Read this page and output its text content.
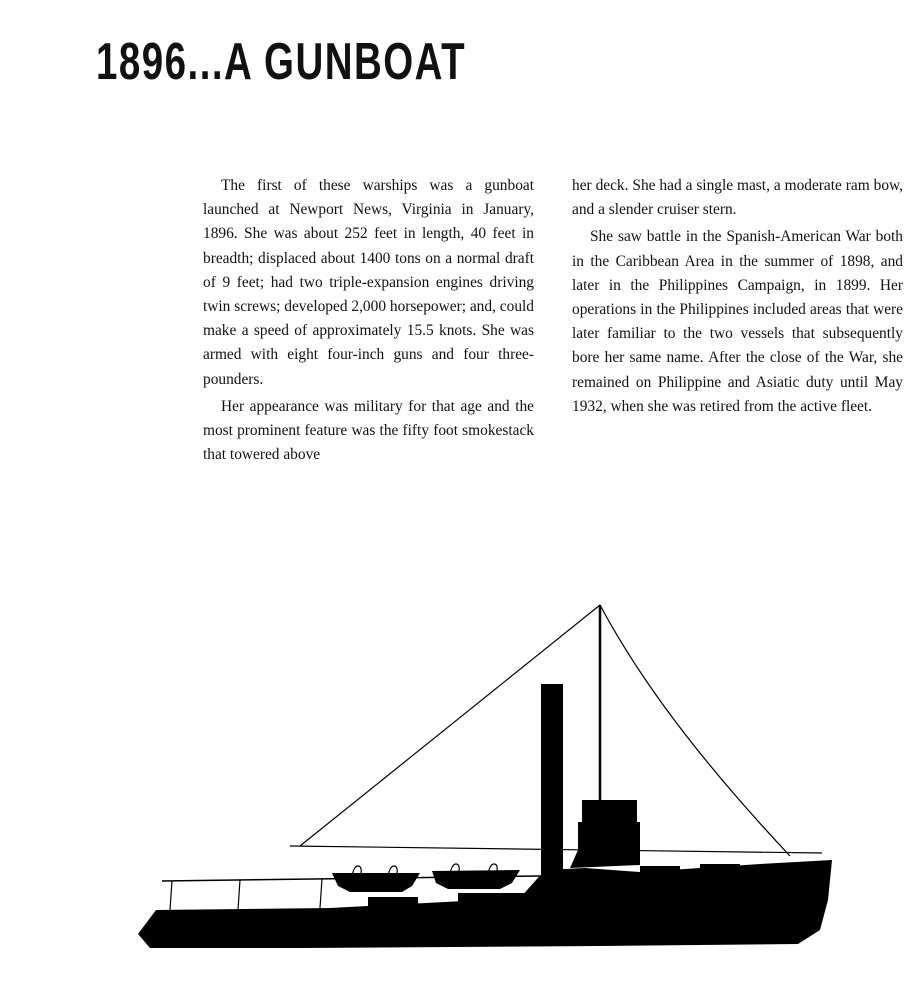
1896...A GUNBOAT

The first of these warships was a gunboat launched at Newport News, Virginia in January, 1896. She was about 252 feet in length, 40 feet in breadth; displaced about 1400 tons on a normal draft of 9 feet; had two triple-expansion engines driving twin screws; developed 2,000 horsepower; and, could make a speed of approximately 15.5 knots. She was armed with eight four-inch guns and four three-pounders.

Her appearance was military for that age and the most prominent feature was the fifty foot smokestack that towered above

her deck. She had a single mast, a moderate ram bow, and a slender cruiser stern.

She saw battle in the Spanish-American War both in the Caribbean Area in the summer of 1898, and later in the Philippines Campaign, in 1899. Her operations in the Philippines included areas that were later familiar to the two vessels that subsequently bore her same name. After the close of the War, she remained on Philippine and Asiatic duty until May 1932, when she was retired from the active fleet.
